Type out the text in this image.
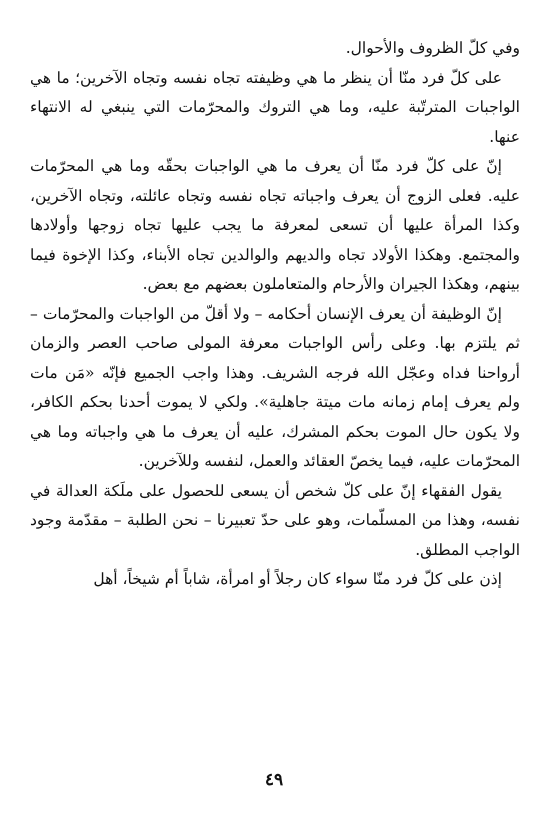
وفي كلّ الظروف والأحوال.

على كلّ فرد منّا أن ينظر ما هي وظيفته تجاه نفسه وتجاه الآخرين؛ ما هي الواجبات المترتّبة عليه، وما هي التروك والمحرّمات التي ينبغي له الانتهاء عنها.

إنّ على كلّ فرد منّا أن يعرف ما هي الواجبات بحقّه وما هي المحرّمات عليه. فعلى الزوج أن يعرف واجباته تجاه نفسه وتجاه عائلته، وتجاه الآخرين، وكذا المرأة عليها أن تسعى لمعرفة ما يجب عليها تجاه زوجها وأولادها والمجتمع. وهكذا الأولاد تجاه والديهم والوالدين تجاه الأبناء، وكذا الإخوة فيما بينهم، وهكذا الجيران والأرحام والمتعاملون بعضهم مع بعض.

إنّ الوظيفة أن يعرف الإنسان أحكامه – ولا أقلّ من الواجبات والمحرّمات – ثم يلتزم بها. وعلى رأس الواجبات معرفة المولى صاحب العصر والزمان أرواحنا فداه وعجّل الله فرجه الشريف. وهذا واجب الجميع فإنّه «مَن مات ولم يعرف إمام زمانه مات ميتة جاهلية». ولكي لا يموت أحدنا بحكم الكافر، ولا يكون حال الموت بحكم المشرك، عليه أن يعرف ما هي واجباته وما هي المحرّمات عليه، فيما يخصّ العقائد والعمل، لنفسه وللآخرين.

يقول الفقهاء إنّ على كلّ شخص أن يسعى للحصول على ملَكة العدالة في نفسه، وهذا من المسلّمات، وهو على حدّ تعبيرنا – نحن الطلبة – مقدّمة وجود الواجب المطلق.

إذن على كلّ فرد منّا سواء كان رجلاً أو امرأة، شاباً أم شيخاً، أهل

٤٩
